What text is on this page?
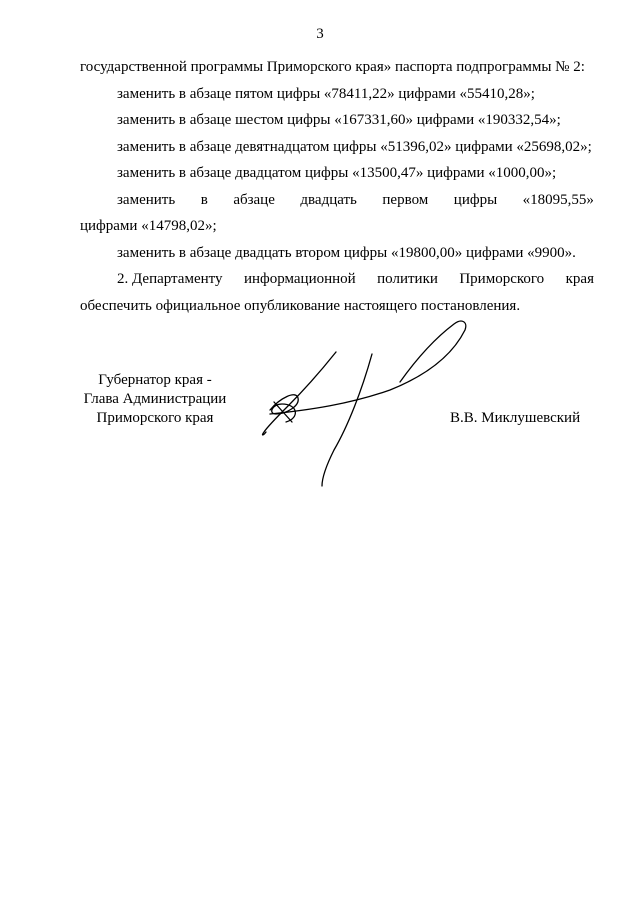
3
государственной программы Приморского края» паспорта подпрограммы № 2:
заменить в абзаце пятом цифры «78411,22» цифрами «55410,28»;
заменить в абзаце шестом цифры «167331,60» цифрами «190332,54»;
заменить в абзаце девятнадцатом цифры «51396,02» цифрами «25698,02»;
заменить в абзаце двадцатом цифры «13500,47» цифрами «1000,00»;
заменить в абзаце двадцать первом цифры «18095,55»
цифрами «14798,02»;
заменить в абзаце двадцать втором цифры «19800,00» цифрами «9900».
2. Департаменту информационной политики Приморского края
обеспечить официальное опубликование настоящего постановления.
Губернатор края -
Глава Администрации
Приморского края	В.В. Миклушевский
